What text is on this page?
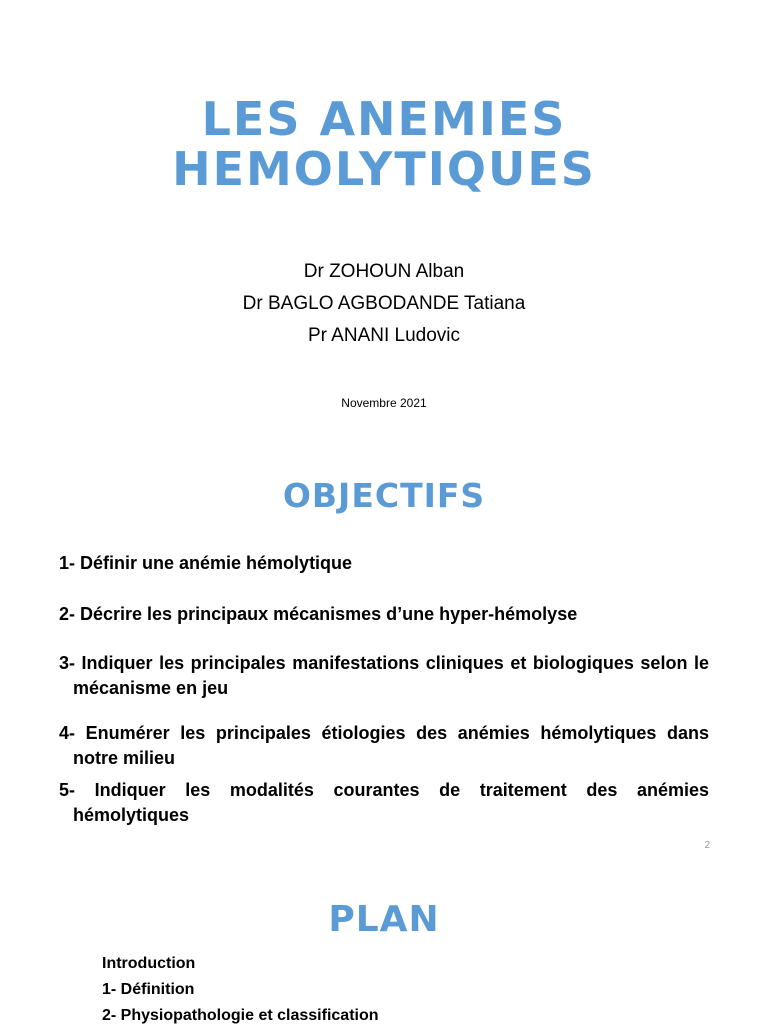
LES ANEMIES
HEMOLYTIQUES
Dr ZOHOUN Alban
Dr BAGLO AGBODANDE Tatiana
Pr ANANI Ludovic
Novembre 2021
OBJECTIFS
1- Définir une anémie hémolytique
2- Décrire les principaux mécanismes d’une hyper-hémolyse
3- Indiquer les principales manifestations cliniques et biologiques selon le mécanisme en jeu
4- Enumérer les principales étiologies des anémies hémolytiques dans notre milieu
5- Indiquer les modalités courantes de traitement des anémies hémolytiques
2
PLAN
Introduction
1- Définition
2- Physiopathologie et classification
